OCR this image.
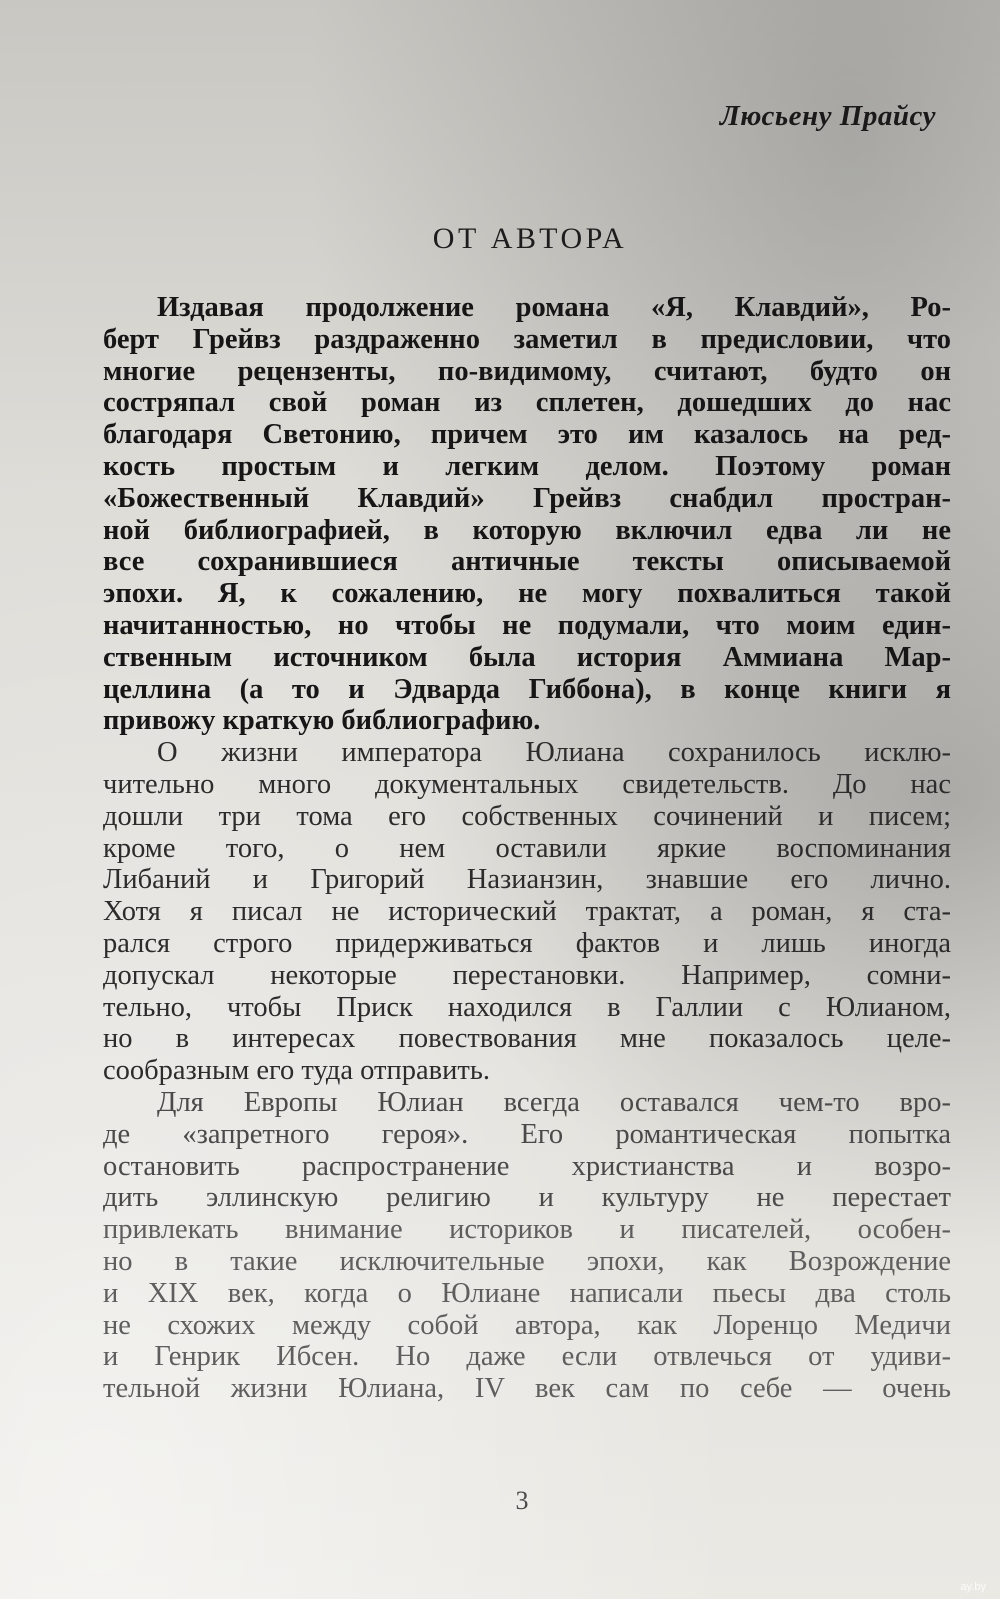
Люсьену Прайсу
ОТ АВТОРА
Издавая продолжение романа «Я, Клавдий», Ро-
берт Грейвз раздраженно заметил в предисловии, что
многие рецензенты, по-видимому, считают, будто он
состряпал свой роман из сплетен, дошедших до нас
благодаря Светонию, причем это им казалось на ред-
кость простым и легким делом. Поэтому роман
«Божественный Клавдий» Грейвз снабдил простран-
ной библиографией, в которую включил едва ли не
все сохранившиеся античные тексты описываемой
эпохи. Я, к сожалению, не могу похвалиться такой
начитанностью, но чтобы не подумали, что моим един-
ственным источником была история Аммиана Мар-
целлина (а то и Эдварда Гиббона), в конце книги я
привожу краткую библиографию.
О жизни императора Юлиана сохранилось исклю-
чительно много документальных свидетельств. До нас
дошли три тома его собственных сочинений и писем;
кроме того, о нем оставили яркие воспоминания
Либаний и Григорий Назианзин, знавшие его лично.
Хотя я писал не исторический трактат, а роман, я ста-
рался строго придерживаться фактов и лишь иногда
допускал некоторые перестановки. Например, сомни-
тельно, чтобы Приск находился в Галлии с Юлианом,
но в интересах повествования мне показалось целе-
сообразным его туда отправить.
Для Европы Юлиан всегда оставался чем-то вро-
де «запретного героя». Его романтическая попытка
остановить распространение христианства и возро-
дить эллинскую религию и культуру не перестает
привлекать внимание историков и писателей, особен-
но в такие исключительные эпохи, как Возрождение
и XIX век, когда о Юлиане написали пьесы два столь
не схожих между собой автора, как Лоренцо Медичи
и Генрик Ибсен. Но даже если отвлечься от удиви-
тельной жизни Юлиана, IV век сам по себе — очень
3
ay.by
